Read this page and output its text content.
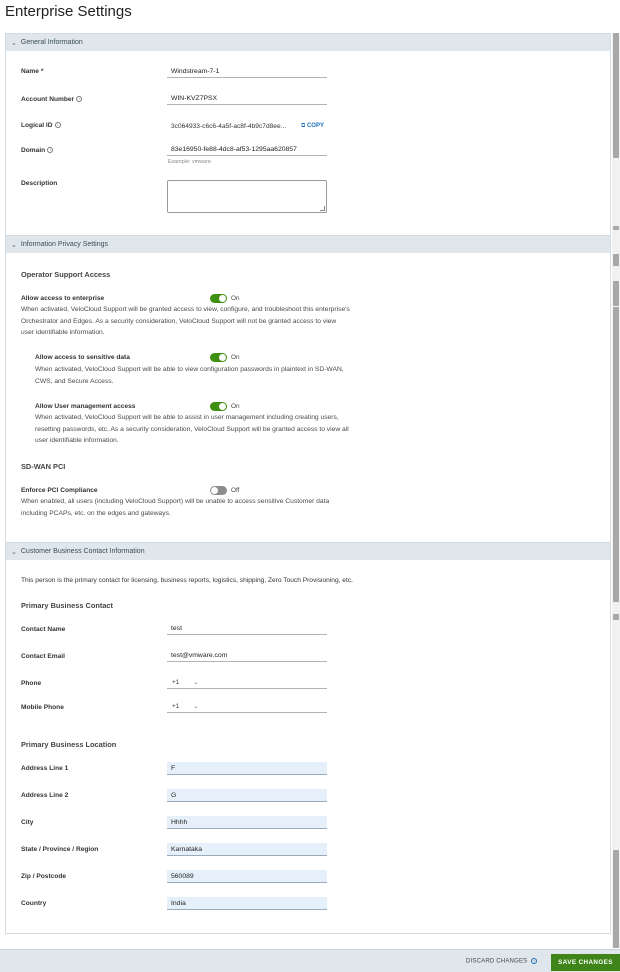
Enterprise Settings
⌄ General Information
Name *	Windstream-7-1
Account Number i	WIN-KVZ7PSX
Logical ID i	3c064933-c6c6-4a5f-ac8f-4b9c7d8ee... ⧉ COPY
Domain i	83e16950-fe88-4dc8-af53-1295aa620857
Example: vmware
Description
⌄ Information Privacy Settings
Operator Support Access
Allow access to enterprise	On
When activated, VeloCloud Support will be granted access to view, configure, and troubleshoot this enterprise's Orchestrator and Edges. As a security consideration, VeloCloud Support will not be granted access to view user identifiable information.
Allow access to sensitive data	On
When activated, VeloCloud Support will be able to view configuration passwords in plaintext in SD-WAN, CWS, and Secure Access.
Allow User management access	On
When activated, VeloCloud Support will be able to assist in user management including creating users, resetting passwords, etc. As a security consideration, VeloCloud Support will be granted access to view all user identifiable information.
SD-WAN PCI
Enforce PCI Compliance	Off
When enabled, all users (including VeloCloud Support) will be unable to access sensitive Customer data including PCAPs, etc. on the edges and gateways.
⌄ Customer Business Contact Information
This person is the primary contact for licensing, business reports, logistics, shipping, Zero Touch Provisioning, etc.
Primary Business Contact
Contact Name	test
Contact Email	test@vmware.com
Phone	+1 ⌄
Mobile Phone	+1 ⌄
Primary Business Location
Address Line 1	F
Address Line 2	G
City	Hhhh
State / Province / Region	Karnataka
Zip / Postcode	560089
Country	India
DISCARD CHANGES i	SAVE CHANGES
